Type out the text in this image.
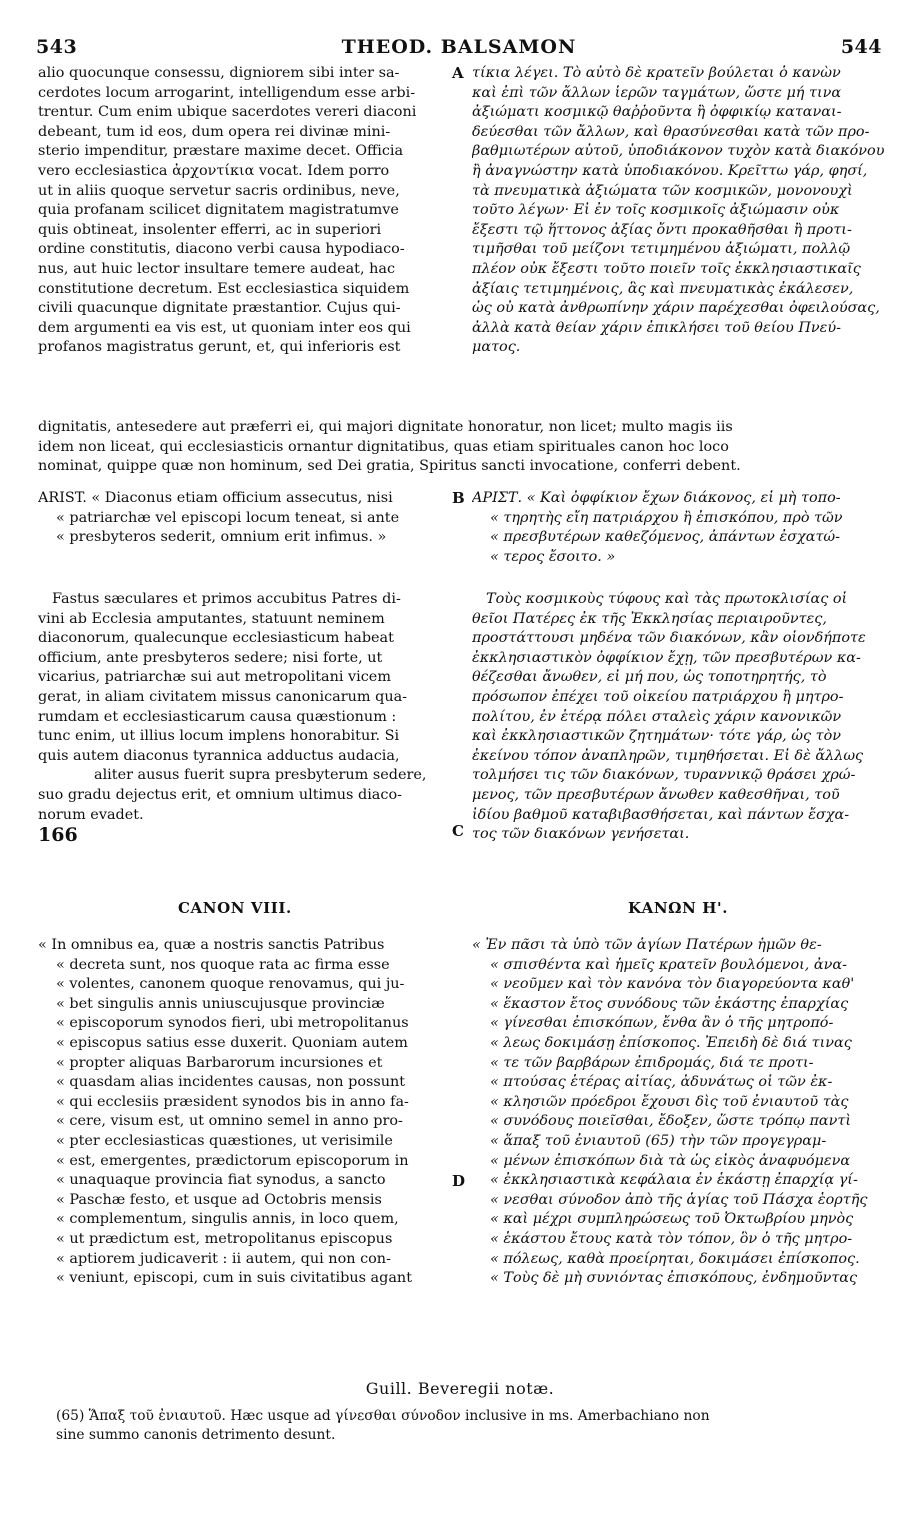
543	THEOD. BALSAMON	544
alio quocunque consessu, digniorem sibi inter sa-
cerdotes locum arrogarint, intelligendum esse arbi-
trentur. Cum enim ubique sacerdotes vereri diaconi
debeant, tum id eos, dum opera rei divinæ mini-
sterio impenditur, præstare maxime decet. Officia
vero ecclesiastica ἀρχοντίκια vocat. Idem porro
ut in aliis quoque servetur sacris ordinibus, neve,
quia profanam scilicet dignitatem magistratumve
quis obtineat, insolenter efferri, ac in superiori
ordine constitutis, diacono verbi causa hypodiaco-
nus, aut huic lector insultare temere audeat, hac
constitutione decretum. Est ecclesiastica siquidem
civili quacunque dignitate præstantior. Cujus qui-
dem argumenti ea vis est, ut quoniam inter eos qui
profanos magistratus gerunt, et, qui inferioris est
τίκια λέγει. Τὸ αὐτὸ δὲ κρατεῖν βούλεται ὁ κανὼν
καὶ ἐπὶ τῶν ἄλλων ἱερῶν ταγμάτων, ὥστε μή τινα
ἀξιώματι κοσμικῷ θαῤῥοῦντα ἢ ὀφφικίῳ καταναι-
δεύεσθαι τῶν ἄλλων, καὶ θρασύνεσθαι κατὰ τῶν προ-
βαθμιωτέρων αὐτοῦ, ὑποδιάκονον τυχὸν κατὰ διακόνου
ἢ ἀναγνώστην κατὰ ὑποδιακόνου. Κρεῖττω γάρ, φησί,
τὰ πνευματικὰ ἀξιώματα τῶν κοσμικῶν, μονονουχὶ
τοῦτο λέγων· Εἰ ἐν τοῖς κοσμικοῖς ἀξιώμασιν οὐκ
ἔξεστι τῷ ἥττονος ἀξίας ὄντι προκαθῆσθαι ἢ προτι-
τιμῆσθαι τοῦ μείζονι τετιμημένου ἀξιώματι, πολλῷ
πλέον οὐκ ἔξεστι τοῦτο ποιεῖν τοῖς ἐκκλησιαστικαῖς
ἀξίαις τετιμημένοις, ἃς καὶ πνευματικὰς ἐκάλεσεν,
ὡς οὐ κατὰ ἀνθρωπίνην χάριν παρέχεσθαι ὀφειλούσας,
ἀλλὰ κατὰ θείαν χάριν ἐπικλήσει τοῦ θείου Πνεύ-
ματος.
A
dignitatis, antesedere aut præferri ei, qui majori dignitate honoratur, non licet; multo magis iis
idem non liceat, qui ecclesiasticis ornantur dignitatibus, quas etiam spirituales canon hoc loco
nominat, quippe quæ non hominum, sed Dei gratia, Spiritus sancti invocatione, conferri debent.
ARIST. « Diaconus etiam officium assecutus, nisi
« patriarchæ vel episcopi locum teneat, si ante
« presbyteros sederit, omnium erit infimus. »
ΑΡΙΣΤ. « Καὶ ὀφφίκιον ἔχων διάκονος, εἰ μὴ τοπο-
« τηρητὴς εἴη πατριάρχου ἢ ἐπισκόπου, πρὸ τῶν
« πρεσβυτέρων καθεζόμενος, ἁπάντων ἐσχατώ-
« τερος ἔσοιτο. »
B
Fastus sæculares et primos accubitus Patres di-
vini ab Ecclesia amputantes, statuunt neminem
diaconorum, qualecunque ecclesiasticum habeat
officium, ante presbyteros sedere; nisi forte, ut
vicarius, patriarchæ sui aut metropolitani vicem
gerat, in aliam civitatem missus canonicarum qua-
rumdam et ecclesiasticarum causa quæstionum :
tunc enim, ut illius locum implens honorabitur. Si
quis autem diaconus tyrannica adductus audacia,
aliter ausus fuerit supra presbyterum sedere,
suo gradu dejectus erit, et omnium ultimus diaco-
norum evadet.
Τοὺς κοσμικοὺς τύφους καὶ τὰς πρωτοκλισίας οἱ
θεῖοι Πατέρες ἐκ τῆς Ἐκκλησίας περιαιροῦντες,
προστάττουσι μηδένα τῶν διακόνων, κἂν οἱονδήποτε
ἐκκλησιαστικὸν ὀφφίκιον ἔχῃ, τῶν πρεσβυτέρων κα-
θέζεσθαι ἄνωθεν, εἰ μή που, ὡς τοποτηρητής, τὸ
πρόσωπον ἐπέχει τοῦ οἰκείου πατριάρχου ἢ μητρο-
πολίτου, ἐν ἑτέρᾳ πόλει σταλεὶς χάριν κανονικῶν
καὶ ἐκκλησιαστικῶν ζητημάτων· τότε γάρ, ὡς τὸν
ἐκείνου τόπον ἀναπληρῶν, τιμηθήσεται. Εἰ δὲ ἄλλως
τολμήσει τις τῶν διακόνων, τυραννικῷ θράσει χρώ-
μενος, τῶν πρεσβυτέρων ἄνωθεν καθεσθῆναι, τοῦ
ἰδίου βαθμοῦ καταβιβασθήσεται, καὶ πάντων ἔσχα-
τος τῶν διακόνων γενήσεται.
166	C
CANON VIII.	ΚΑΝΩΝ Η'.
« In omnibus ea, quæ a nostris sanctis Patribus
« decreta sunt, nos quoque rata ac firma esse
« volentes, canonem quoque renovamus, qui ju-
« bet singulis annis uniuscujusque provinciæ
« episcoporum synodos fieri, ubi metropolitanus
« episcopus satius esse duxerit. Quoniam autem
« propter aliquas Barbarorum incursiones et
« quasdam alias incidentes causas, non possunt
« qui ecclesiis præsident synodos bis in anno fa-
« cere, visum est, ut omnino semel in anno pro-
« pter ecclesiasticas quæstiones, ut verisimile
« est, emergentes, prædictorum episcoporum in
« unaquaque provincia fiat synodus, a sancto
« Paschæ festo, et usque ad Octobris mensis
« complementum, singulis annis, in loco quem,
« ut prædictum est, metropolitanus episcopus
« aptiorem judicaverit : ii autem, qui non con-
« veniunt, episcopi, cum in suis civitatibus agant
« Ἐν πᾶσι τὰ ὑπὸ τῶν ἁγίων Πατέρων ἡμῶν θε-
« σπισθέντα καὶ ἡμεῖς κρατεῖν βουλόμενοι, ἀνα-
« νεοῦμεν καὶ τὸν κανόνα τὸν διαγορεύοντα καθ'
« ἕκαστον ἔτος συνόδους τῶν ἑκάστης ἐπαρχίας
« γίνεσθαι ἐπισκόπων, ἔνθα ἂν ὁ τῆς μητροπό-
« λεως δοκιμάσῃ ἐπίσκοπος. Ἐπειδὴ δὲ διά τινας
« τε τῶν βαρβάρων ἐπιδρομάς, διά τε προτι-
« πτούσας ἑτέρας αἰτίας, ἀδυνάτως οἱ τῶν ἐκ-
« κλησιῶν πρόεδροι ἔχουσι δὶς τοῦ ἐνιαυτοῦ τὰς
« συνόδους ποιεῖσθαι, ἔδοξεν, ὥστε τρόπῳ παντὶ
« ἅπαξ τοῦ ἐνιαυτοῦ (65) τὴν τῶν προγεγραμ-
« μένων ἐπισκόπων διὰ τὰ ὡς εἰκὸς ἀναφυόμενα
« ἐκκλησιαστικὰ κεφάλαια ἐν ἑκάστῃ ἐπαρχίᾳ γί-
« νεσθαι σύνοδον ἀπὸ τῆς ἁγίας τοῦ Πάσχα ἑορτῆς
« καὶ μέχρι συμπληρώσεως τοῦ Ὀκτωβρίου μηνὸς
« ἑκάστου ἔτους κατὰ τὸν τόπον, ὃν ὁ τῆς μητρο-
« πόλεως, καθὰ προείρηται, δοκιμάσει ἐπίσκοπος.
« Τοὺς δὲ μὴ συνιόντας ἐπισκόπους, ἐνδημοῦντας
D
Guill. Beveregii notæ.
(65) Ἅπαξ τοῦ ἐνιαυτοῦ. Hæc usque ad γίνεσθαι σύνοδον inclusive in ms. Amerbachiano non
sine summo canonis detrimento desunt.
